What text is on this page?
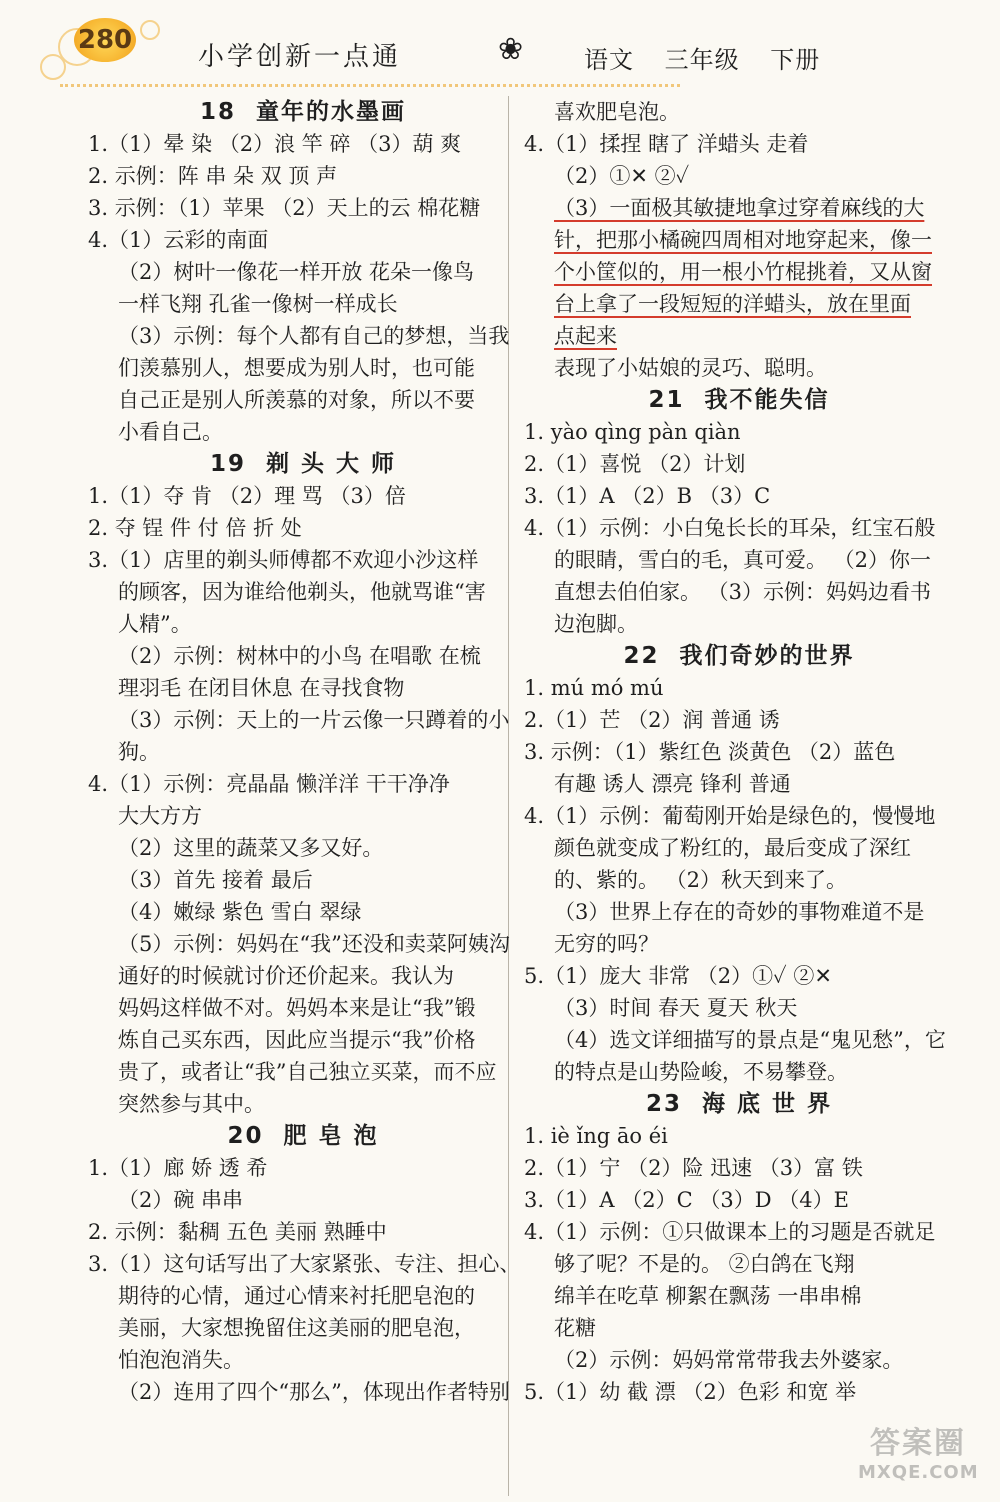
280
小学创新一点通	❀	语文 三年级 下册

18 童年的水墨画

1.（1）晕 染 （2）浪 竿 碎 （3）葫 爽

2. 示例：阵 串 朵 双 顶 声

3. 示例：（1）苹果 （2）天上的云 棉花糖

4.（1）云彩的南面

（2）树叶一像花一样开放 花朵一像鸟

一样飞翔 孔雀一像树一样成长

（3）示例：每个人都有自己的梦想，当我

们羡慕别人，想要成为别人时，也可能

自己正是别人所羡慕的对象，所以不要

小看自己。

19 剃 头 大 师

1.（1）夺 肯 （2）理 骂 （3）倍

2. 夺 锃 件 付 倍 折 处

3.（1）店里的剃头师傅都不欢迎小沙这样

的顾客，因为谁给他剃头，他就骂谁“害

人精”。

（2）示例：树林中的小鸟 在唱歌 在梳

理羽毛 在闭目休息 在寻找食物

（3）示例：天上的一片云像一只蹲着的小

狗。

4.（1）示例：亮晶晶 懒洋洋 干干净净

大大方方

（2）这里的蔬菜又多又好。

（3）首先 接着 最后

（4）嫩绿 紫色 雪白 翠绿

（5）示例：妈妈在“我”还没和卖菜阿姨沟

通好的时候就讨价还价起来。我认为

妈妈这样做不对。妈妈本来是让“我”锻

炼自己买东西，因此应当提示“我”价格

贵了，或者让“我”自己独立买菜，而不应

突然参与其中。

20 肥 皂 泡

1.（1）廊 娇 透 希

（2）碗 串串

2. 示例：黏稠 五色 美丽 熟睡中

3.（1）这句话写出了大家紧张、专注、担心、

期待的心情，通过心情来衬托肥皂泡的

美丽，大家想挽留住这美丽的肥皂泡，

怕泡泡消失。

（2）连用了四个“那么”，体现出作者特别

喜欢肥皂泡。

4.（1）揉捏 瞎了 洋蜡头 走着

（2）①✕ ②✓

（3）一面极其敏捷地拿过穿着麻线的大

针，把那小橘碗四周相对地穿起来，像一

个小筐似的，用一根小竹棍挑着，又从窗

台上拿了一段短短的洋蜡头，放在里面

点起来

表现了小姑娘的灵巧、聪明。

21 我不能失信

1. yào qìng pàn qiàn

2.（1）喜悦 （2）计划

3.（1）A （2）B （3）C

4.（1）示例：小白兔长长的耳朵，红宝石般

的眼睛，雪白的毛，真可爱。 （2）你一

直想去伯伯家。 （3）示例：妈妈边看书

边泡脚。

22 我们奇妙的世界

1. mú mó mú

2.（1）芒 （2）润 普通 诱

3. 示例：（1）紫红色 淡黄色 （2）蓝色

有趣 诱人 漂亮 锋利 普通

4.（1）示例：葡萄刚开始是绿色的，慢慢地

颜色就变成了粉红的，最后变成了深红

的、紫的。 （2）秋天到来了。

（3）世界上存在的奇妙的事物难道不是

无穷的吗？

5.（1）庞大 非常 （2）①✓ ②✕

（3）时间 春天 夏天 秋天

（4）选文详细描写的景点是“鬼见愁”，它

的特点是山势险峻，不易攀登。

23 海 底 世 界

1. iè ǐng āo éi

2.（1）宁 （2）险 迅速 （3）富 铁

3.（1）A （2）C （3）D （4）E

4.（1）示例：①只做课本上的习题是否就足

够了呢？不是的。 ②白鸽在飞翔

绵羊在吃草 柳絮在飘荡 一串串棉

花糖

（2）示例：妈妈常常带我去外婆家。

5.（1）幼 截 漂 （2）色彩 和宽 举

答案圈
MXQE.COM
